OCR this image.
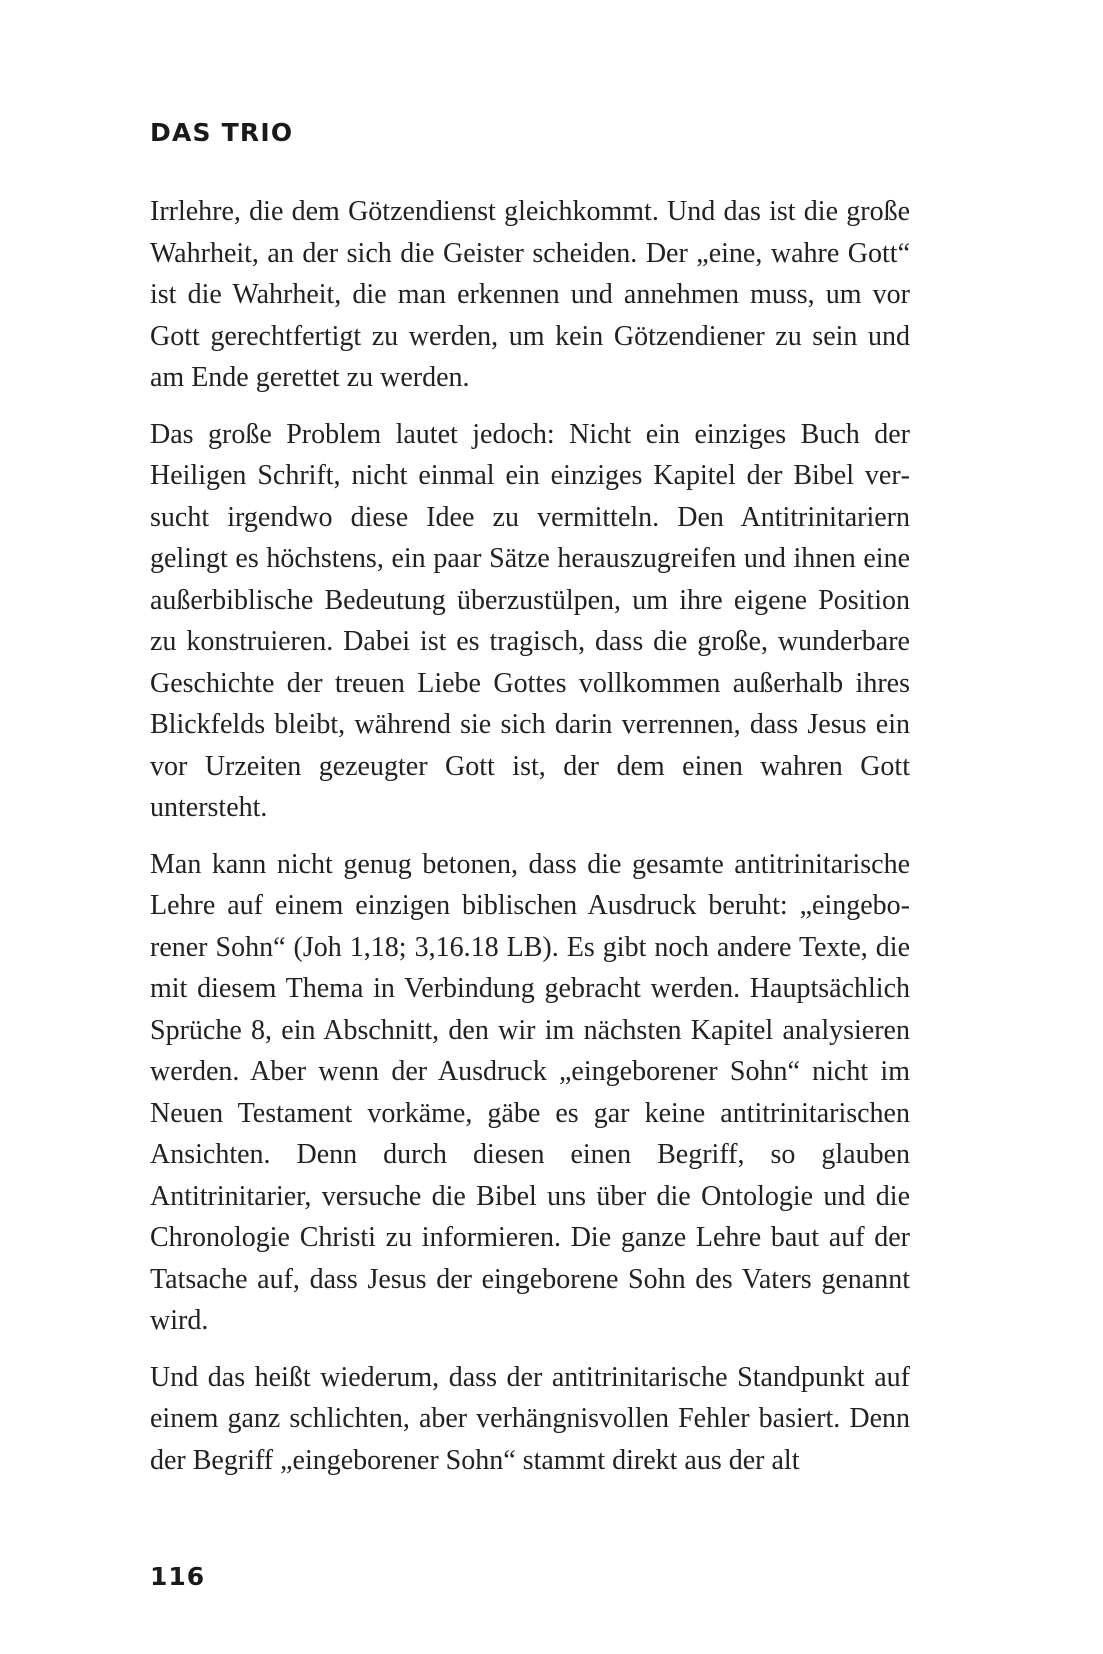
DAS TRIO

Irrlehre, die dem Götzendienst gleichkommt. Und das ist die große Wahrheit, an der sich die Geister scheiden. Der „eine, wahre Gott“ ist die Wahrheit, die man erkennen und annehmen muss, um vor Gott gerechtfertigt zu werden, um kein Götzendiener zu sein und am Ende gerettet zu werden.

Das große Problem lautet jedoch: Nicht ein einziges Buch der Heiligen Schrift, nicht einmal ein einziges Kapitel der Bibel versucht irgendwo diese Idee zu vermitteln. Den Antitrinitariern gelingt es höchstens, ein paar Sätze herauszugreifen und ihnen eine außerbiblische Bedeutung überzustülpen, um ihre eigene Position zu konstruieren. Dabei ist es tragisch, dass die große, wunderbare Geschichte der treuen Liebe Gottes vollkommen außerhalb ihres Blickfelds bleibt, während sie sich darin verrennen, dass Jesus ein vor Urzeiten gezeugter Gott ist, der dem einen wahren Gott untersteht.

Man kann nicht genug betonen, dass die gesamte antitrinitarische Lehre auf einem einzigen biblischen Ausdruck beruht: „eingeborener Sohn“ (Joh 1,18; 3,16.18 LB). Es gibt noch andere Texte, die mit diesem Thema in Verbindung gebracht werden. Hauptsächlich Sprüche 8, ein Abschnitt, den wir im nächsten Kapitel analysieren werden. Aber wenn der Ausdruck „eingeborener Sohn“ nicht im Neuen Testament vorkäme, gäbe es gar keine antitrinitarischen Ansichten. Denn durch diesen einen Begriff, so glauben Antitrinitarier, versuche die Bibel uns über die Ontologie und die Chronologie Christi zu informieren. Die ganze Lehre baut auf der Tatsache auf, dass Jesus der eingeborene Sohn des Vaters genannt wird.

Und das heißt wiederum, dass der antitrinitarische Standpunkt auf einem ganz schlichten, aber verhängnisvollen Fehler basiert. Denn der Begriff „eingeborener Sohn“ stammt direkt aus der alt

116
